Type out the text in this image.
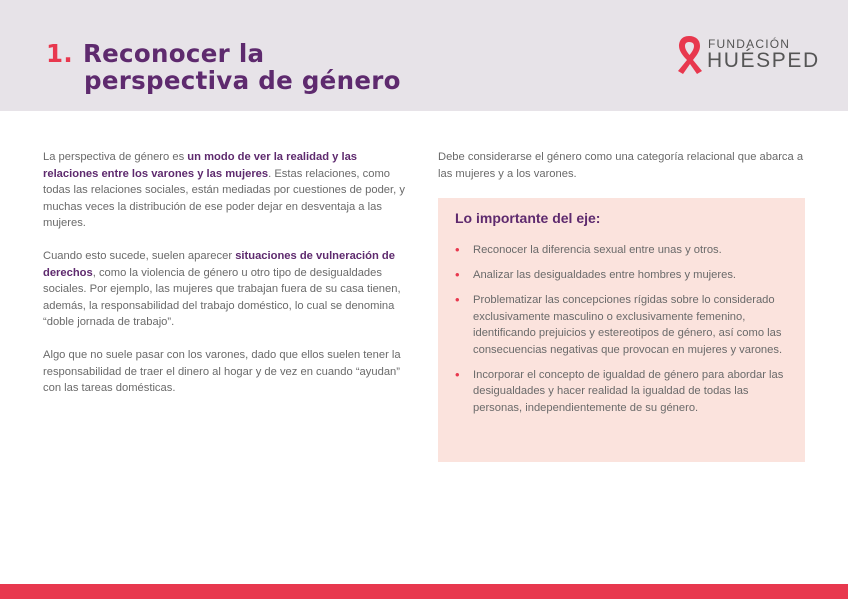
1. Reconocer la
perspectiva de género
FUNDACIÓN
HUÉSPED

La perspectiva de género es un modo de ver la realidad y las relaciones entre los varones y las mujeres. Estas relaciones, como todas las relaciones sociales, están mediadas por cuestiones de poder, y muchas veces la distribución de ese poder dejar en desventaja a las mujeres.

Cuando esto sucede, suelen aparecer situaciones de vulneración de derechos, como la violencia de género u otro tipo de desigualdades sociales. Por ejemplo, las mujeres que trabajan fuera de su casa tienen, además, la responsabilidad del trabajo doméstico, lo cual se denomina “doble jornada de trabajo”.

Algo que no suele pasar con los varones, dado que ellos suelen tener la responsabilidad de traer el dinero al hogar y de vez en cuando “ayudan” con las tareas domésticas.

Debe considerarse el género como una categoría relacional que abarca a las mujeres y a los varones.

Lo importante del eje:
• Reconocer la diferencia sexual entre unas y otros.
• Analizar las desigualdades entre hombres y mujeres.
• Problematizar las concepciones rígidas sobre lo considerado exclusivamente masculino o exclusivamente femenino, identificando prejuicios y estereotipos de género, así como las consecuencias negativas que provocan en mujeres y varones.
• Incorporar el concepto de igualdad de género para abordar las desigualdades y hacer realidad la igualdad de todas las personas, independientemente de su género.
